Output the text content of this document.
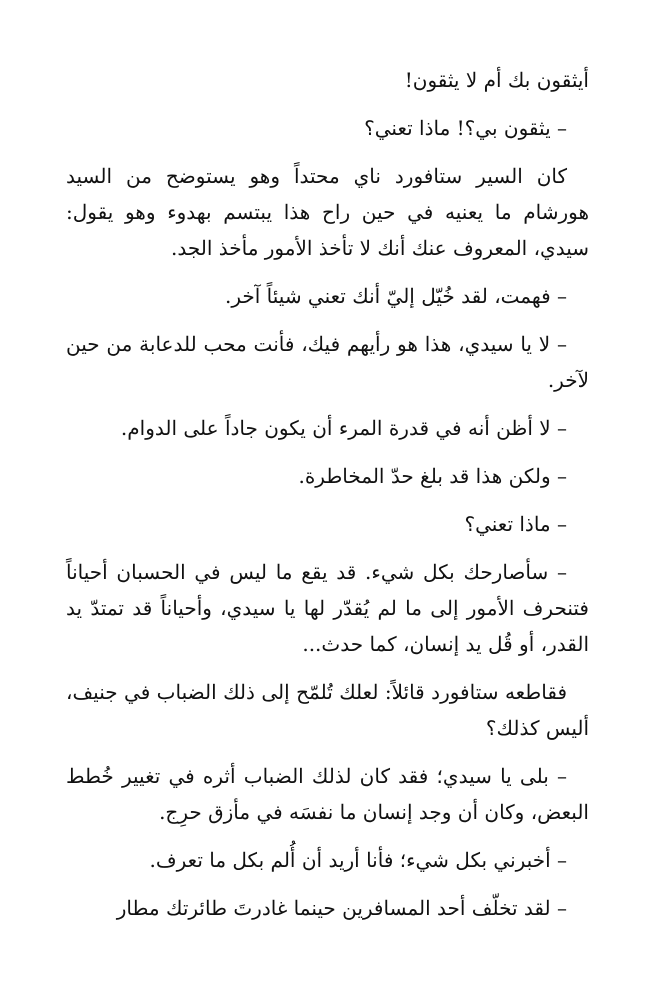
أيثقون بك أم لا يثقون!

– يثقون بي؟! ماذا تعني؟

كان السير ستافورد ناي محتداً وهو يستوضح من السيد هورشام ما يعنيه في حين راح هذا يبتسم بهدوء وهو يقول: سيدي، المعروف عنك أنك لا تأخذ الأمور مأخذ الجد.

– فهمت، لقد خُيّل إليّ أنك تعني شيئاً آخر.

– لا يا سيدي، هذا هو رأيهم فيك، فأنت محب للدعابة من حين لآخر.

– لا أظن أنه في قدرة المرء أن يكون جاداً على الدوام.

– ولكن هذا قد بلغ حدّ المخاطرة.

– ماذا تعني؟

– سأصارحك بكل شيء. قد يقع ما ليس في الحسبان أحياناً فتنحرف الأمور إلى ما لم يُقدّر لها يا سيدي، وأحياناً قد تمتدّ يد القدر، أو قُل يد إنسان، كما حدث...

فقاطعه ستافورد قائلاً: لعلك تُلمّح إلى ذلك الضباب في جنيف، أليس كذلك؟

– بلى يا سيدي؛ فقد كان لذلك الضباب أثره في تغيير خُطط البعض، وكان أن وجد إنسان ما نفسَه في مأزق حرِج.

– أخبرني بكل شيء؛ فأنا أريد أن أُلم بكل ما تعرف.

– لقد تخلّف أحد المسافرين حينما غادرتَ طائرتك مطار
